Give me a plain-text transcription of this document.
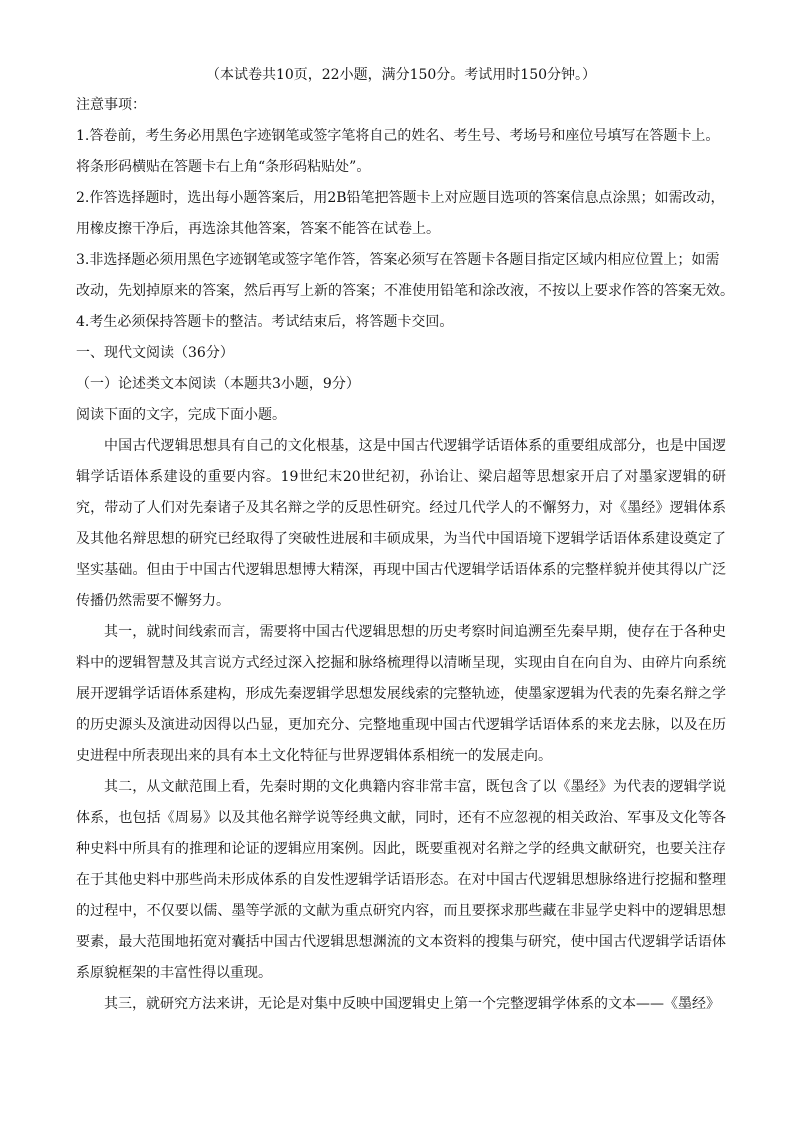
（本试卷共10页，22小题，满分150分。考试用时150分钟。）

注意事项：

1.答卷前，考生务必用黑色字迹钢笔或签字笔将自己的姓名、考生号、考场号和座位号填写在答题卡上。

将条形码横贴在答题卡右上角“条形码粘贴处”。

2.作答选择题时，选出每小题答案后，用2B铅笔把答题卡上对应题目选项的答案信息点涂黑；如需改动，

用橡皮擦干净后，再选涂其他答案，答案不能答在试卷上。

3.非选择题必须用黑色字迹钢笔或签字笔作答，答案必须写在答题卡各题目指定区域内相应位置上；如需

改动，先划掉原来的答案，然后再写上新的答案；不准使用铅笔和涂改液，不按以上要求作答的答案无效。

4.考生必须保持答题卡的整洁。考试结束后，将答题卡交回。

一、现代文阅读（36分）

（一）论述类文本阅读（本题共3小题，9分）

阅读下面的文字，完成下面小题。

中国古代逻辑思想具有自己的文化根基，这是中国古代逻辑学话语体系的重要组成部分，也是中国逻辑学话语体系建设的重要内容。19世纪末20世纪初，孙诒让、梁启超等思想家开启了对墨家逻辑的研究，带动了人们对先秦诸子及其名辩之学的反思性研究。经过几代学人的不懈努力，对《墨经》逻辑体系及其他名辩思想的研究已经取得了突破性进展和丰硕成果，为当代中国语境下逻辑学话语体系建设奠定了坚实基础。但由于中国古代逻辑思想博大精深，再现中国古代逻辑学话语体系的完整样貌并使其得以广泛传播仍然需要不懈努力。

其一，就时间线索而言，需要将中国古代逻辑思想的历史考察时间追溯至先秦早期，使存在于各种史料中的逻辑智慧及其言说方式经过深入挖掘和脉络梳理得以清晰呈现，实现由自在向自为、由碎片向系统展开逻辑学话语体系建构，形成先秦逻辑学思想发展线索的完整轨迹，使墨家逻辑为代表的先秦名辩之学的历史源头及演进动因得以凸显，更加充分、完整地重现中国古代逻辑学话语体系的来龙去脉，以及在历史进程中所表现出来的具有本土文化特征与世界逻辑体系相统一的发展走向。

其二，从文献范围上看，先秦时期的文化典籍内容非常丰富，既包含了以《墨经》为代表的逻辑学说体系，也包括《周易》以及其他名辩学说等经典文献，同时，还有不应忽视的相关政治、军事及文化等各种史料中所具有的推理和论证的逻辑应用案例。因此，既要重视对名辩之学的经典文献研究，也要关注存在于其他史料中那些尚未形成体系的自发性逻辑学话语形态。在对中国古代逻辑思想脉络进行挖掘和整理的过程中，不仅要以儒、墨等学派的文献为重点研究内容，而且要探求那些藏在非显学史料中的逻辑思想要素，最大范围地拓宽对囊括中国古代逻辑思想渊流的文本资料的搜集与研究，使中国古代逻辑学话语体系原貌框架的丰富性得以重现。

其三，就研究方法来讲，无论是对集中反映中国逻辑史上第一个完整逻辑学体系的文本——《墨经》
